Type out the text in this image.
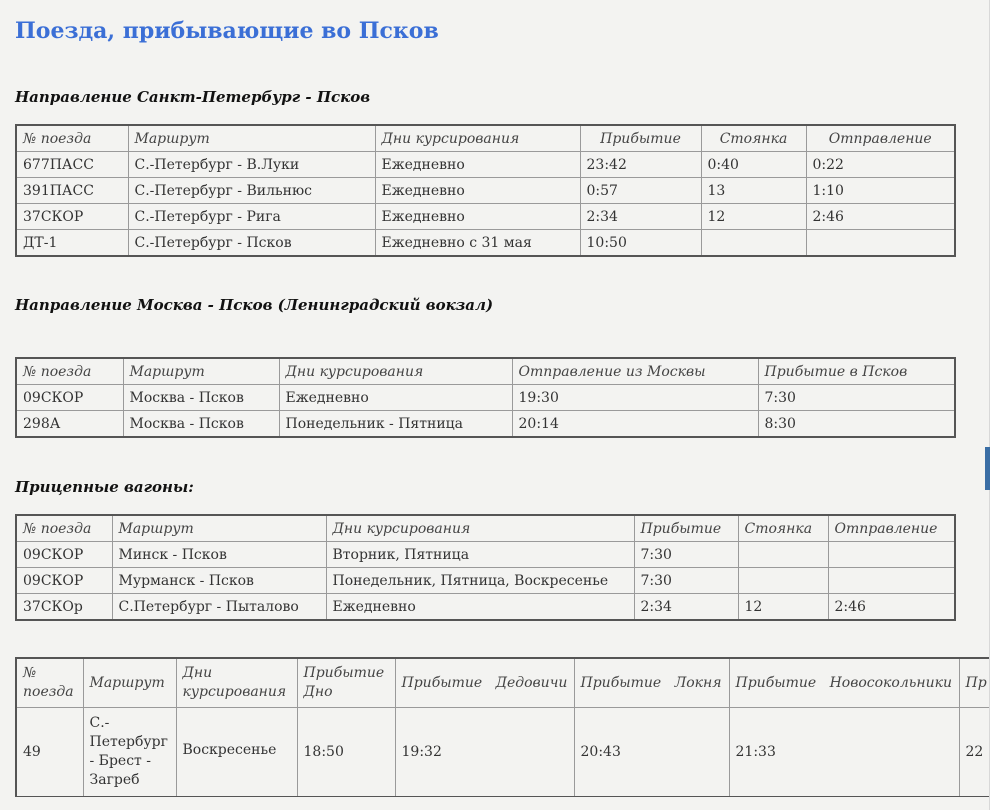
Поезда, прибывающие во Псков
Направление Санкт-Петербург - Псков
№ поезда	Маршрут	Дни курсирования	Прибытие	Стоянка	Отправление
677ПАСС	С.-Петербург - В.Луки	Ежедневно	23:42	0:40	0:22
391ПАСС	С.-Петербург - Вильнюс	Ежедневно	0:57	13	1:10
37СКОР	С.-Петербург - Рига	Ежедневно	2:34	12	2:46
ДТ-1	С.-Петербург - Псков	Ежедневно с 31 мая	10:50		
Направление Москва - Псков (Ленинградский вокзал)
№ поезда	Маршрут	Дни курсирования	Отправление из Москвы	Прибытие в Псков
09СКОР	Москва - Псков	Ежедневно	19:30	7:30
298А	Москва - Псков	Понедельник - Пятница	20:14	8:30
Прицепные вагоны:
№ поезда	Маршрут	Дни курсирования	Прибытие	Стоянка	Отправление
09СКОР	Минск - Псков	Вторник, Пятница	7:30		
09СКОР	Мурманск - Псков	Понедельник, Пятница, Воскресенье	7:30		
37СКОр	С.Петербург - Пыталово	Ежедневно	2:34	12	2:46
№ поезда	Маршрут	Дни курсирования	Прибытие Дно	Прибытие   Дедовичи	Прибытие   Локня	Прибытие   Новосокольники	Пр
49	С.-Петербург - Брест - Загреб	Воскресенье	18:50	19:32	20:43	21:33	22
